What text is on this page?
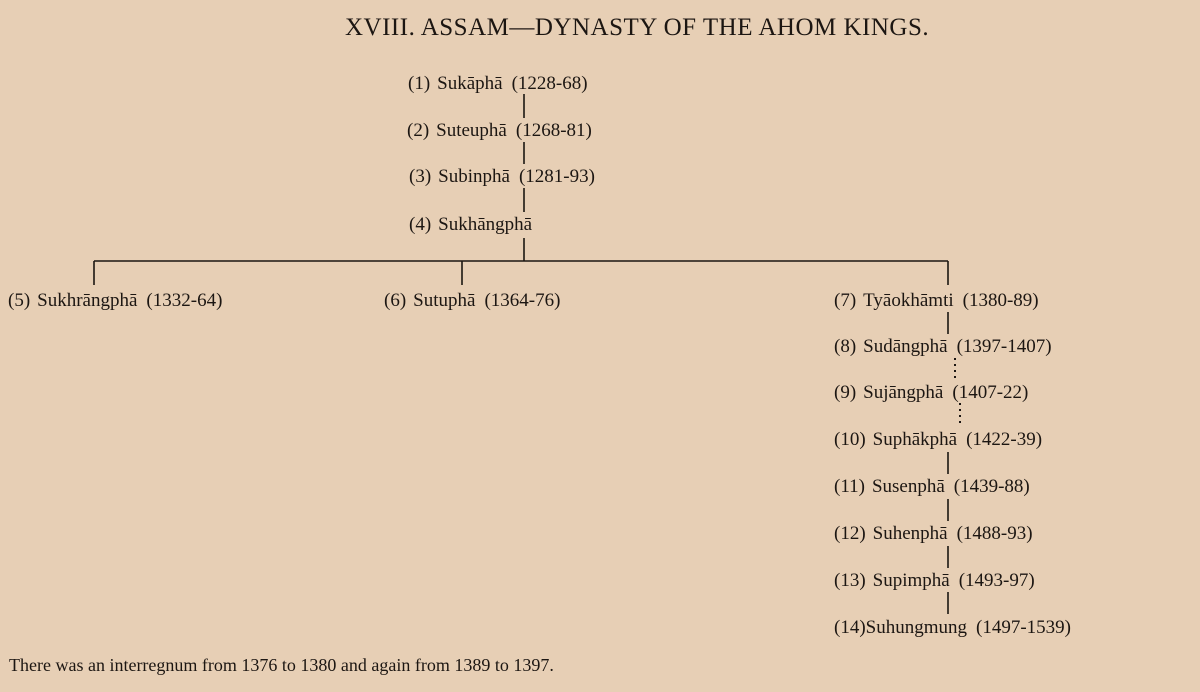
XVIII. ASSAM—DYNASTY OF THE AHOM KINGS.
(1) Sukāphā (1228-68)
(2) Suteuphā (1268-81)
(3) Subinphā (1281-93)
(4) Sukhāngphā
(5) Sukhrāngphā (1332-64)	(6) Sutuphā (1364-76)	(7) Tyāokhāmti (1380-89)
(8) Sudāngphā (1397-1407)
(9) Sujāngphā (1407-22)
(10) Suphākphā (1422-39)
(11) Susenphā (1439-88)
(12) Suhenphā (1488-93)
(13) Supimphā (1493-97)
(14)Suhungmung (1497-1539)
There was an interregnum from 1376 to 1380 and again from 1389 to 1397.
